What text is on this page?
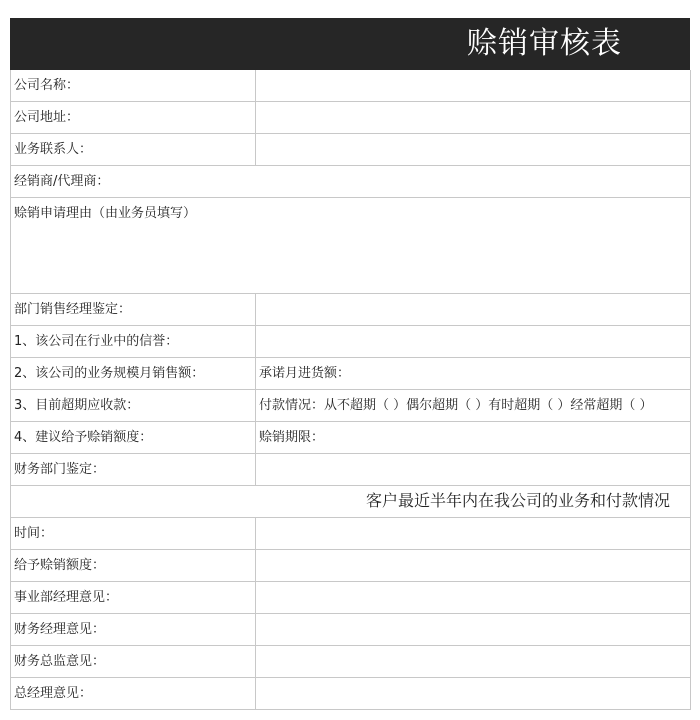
赊销审核表
公司名称：
公司地址：
业务联系人：
经销商/代理商：
赊销申请理由（由业务员填写）
部门销售经理鉴定：
1、该公司在行业中的信誉：
2、该公司的业务规模月销售额：	承诺月进货额：
3、目前超期应收款：	付款情况：从不超期（ ）偶尔超期（ ）有时超期（ ）经常超期（ ）
4、建议给予赊销额度：	赊销期限：
财务部门鉴定：
客户最近半年内在我公司的业务和付款情况
时间：
给予赊销额度：
事业部经理意见：
财务经理意见：
财务总监意见：
总经理意见：
